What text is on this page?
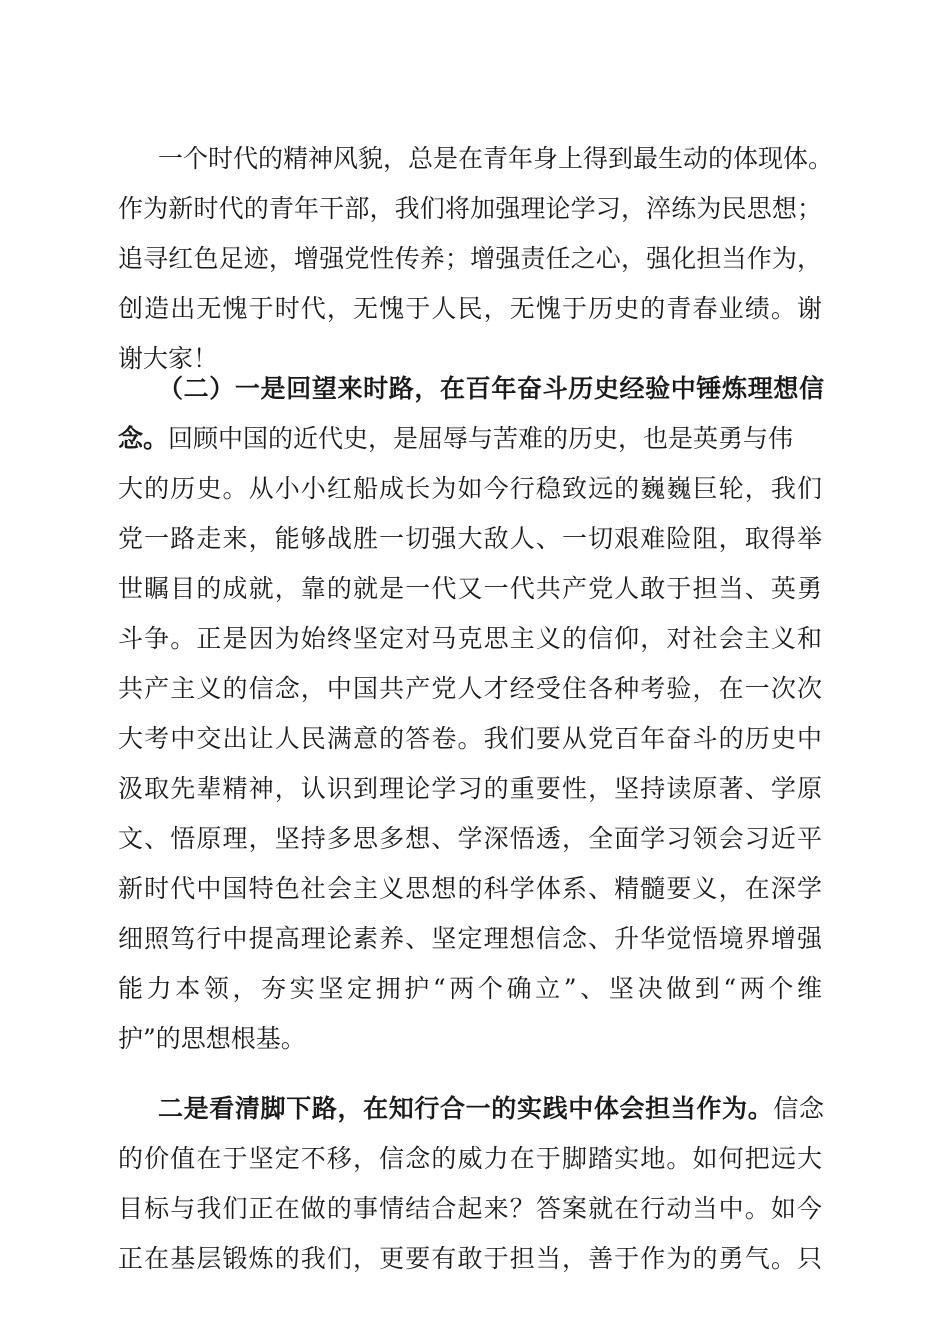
一个时代的精神风貌，总是在青年身上得到最生动的体现体。
作为新时代的青年干部，我们将加强理论学习，淬练为民思想；
追寻红色足迹，增强党性传养；增强责任之心，强化担当作为，
创造出无愧于时代，无愧于人民，无愧于历史的青春业绩。谢
谢大家！
（二）一是回望来时路，在百年奋斗历史经验中锤炼理想信
念。回顾中国的近代史，是屈辱与苦难的历史，也是英勇与伟
大的历史。从小小红船成长为如今行稳致远的巍巍巨轮，我们
党一路走来，能够战胜一切强大敌人、一切艰难险阻，取得举
世瞩目的成就，靠的就是一代又一代共产党人敢于担当、英勇
斗争。正是因为始终坚定对马克思主义的信仰，对社会主义和
共产主义的信念，中国共产党人才经受住各种考验，在一次次
大考中交出让人民满意的答卷。我们要从党百年奋斗的历史中
汲取先辈精神，认识到理论学习的重要性，坚持读原著、学原
文、悟原理，坚持多思多想、学深悟透，全面学习领会习近平
新时代中国特色社会主义思想的科学体系、精髓要义，在深学
细照笃行中提高理论素养、坚定理想信念、升华觉悟境界增强
能力本领，夯实坚定拥护“两个确立”、坚决做到“两个维
护”的思想根基。
二是看清脚下路，在知行合一的实践中体会担当作为。信念
的价值在于坚定不移，信念的威力在于脚踏实地。如何把远大
目标与我们正在做的事情结合起来？答案就在行动当中。如今
正在基层锻炼的我们，更要有敢于担当，善于作为的勇气。只
